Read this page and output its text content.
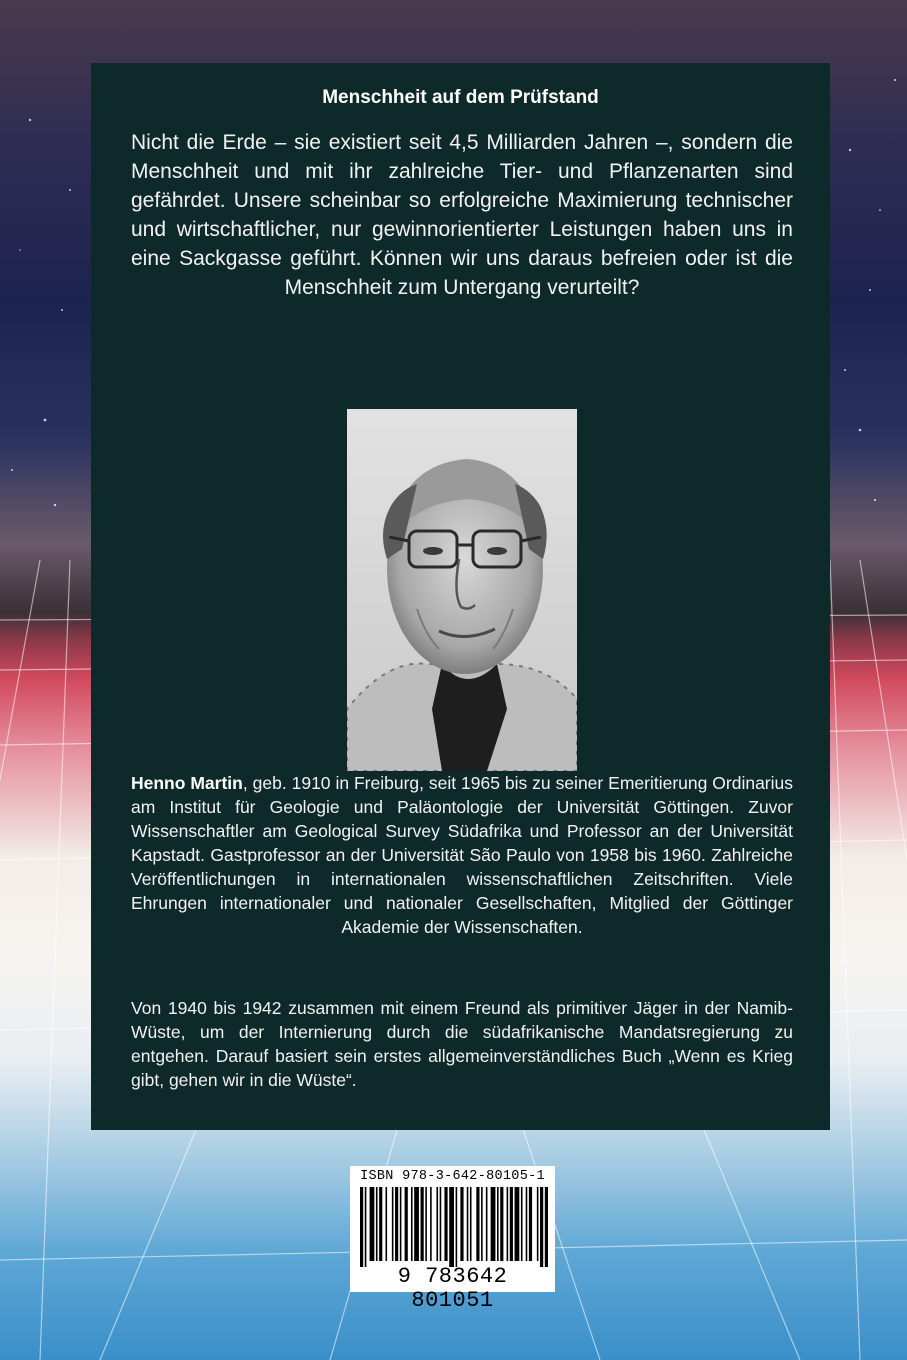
Menschheit auf dem Prüfstand
Nicht die Erde – sie existiert seit 4,5 Milliarden Jahren –, sondern die Menschheit und mit ihr zahlreiche Tier- und Pflanzenarten sind gefährdet. Unsere scheinbar so erfolgreiche Maximierung technischer und wirtschaftlicher, nur gewinnorientierter Leistungen haben uns in eine Sackgasse geführt. Können wir uns daraus befreien oder ist die Menschheit zum Untergang verurteilt?
Henno Martin, geb. 1910 in Freiburg, seit 1965 bis zu seiner Emeritierung Ordinarius am Institut für Geologie und Paläontologie der Universität Göttingen. Zuvor Wissenschaftler am Geological Survey Südafrika und Professor an der Universität Kapstadt. Gastprofessor an der Universität São Paulo von 1958 bis 1960. Zahlreiche Veröffentlichungen in internationalen wissenschaftlichen Zeitschriften. Viele Ehrungen internationaler und nationaler Gesellschaften, Mitglied der Göttinger Akademie der Wissenschaften.
Von 1940 bis 1942 zusammen mit einem Freund als primitiver Jäger in der Namib-Wüste, um der Internierung durch die südafrikanische Mandatsregierung zu entgehen. Darauf basiert sein erstes allgemeinverständliches Buch „Wenn es Krieg gibt, gehen wir in die Wüste“.
ISBN 978-3-642-80105-1
9 783642 801051
